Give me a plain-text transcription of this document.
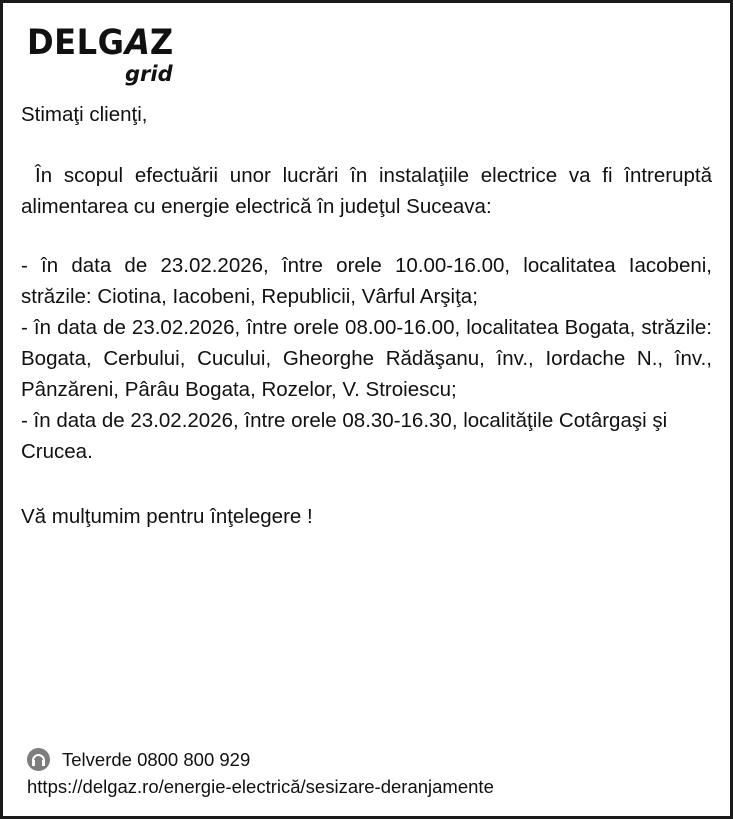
DELGAZ
grid
Stimaţi clienţi,
În scopul efectuării unor lucrări în instalaţiile electrice va fi întreruptă alimentarea cu energie electrică în judeţul Suceava:
- în data de 23.02.2026, între orele 10.00-16.00, localitatea Iacobeni, străzile: Ciotina, Iacobeni, Republicii, Vârful Arşiţa;
- în data de 23.02.2026, între orele 08.00-16.00, localitatea Bogata, străzile: Bogata, Cerbului, Cucului, Gheorghe Rădăşanu, înv., Iordache N., înv., Pânzăreni, Pârâu Bogata, Rozelor, V. Stroiescu;
- în data de 23.02.2026, între orele 08.30-16.30, localităţile Cotârgaşi şi Crucea.
Vă mulţumim pentru înţelegere !
Telverde 0800 800 929
https://delgaz.ro/energie-electrică/sesizare-deranjamente
